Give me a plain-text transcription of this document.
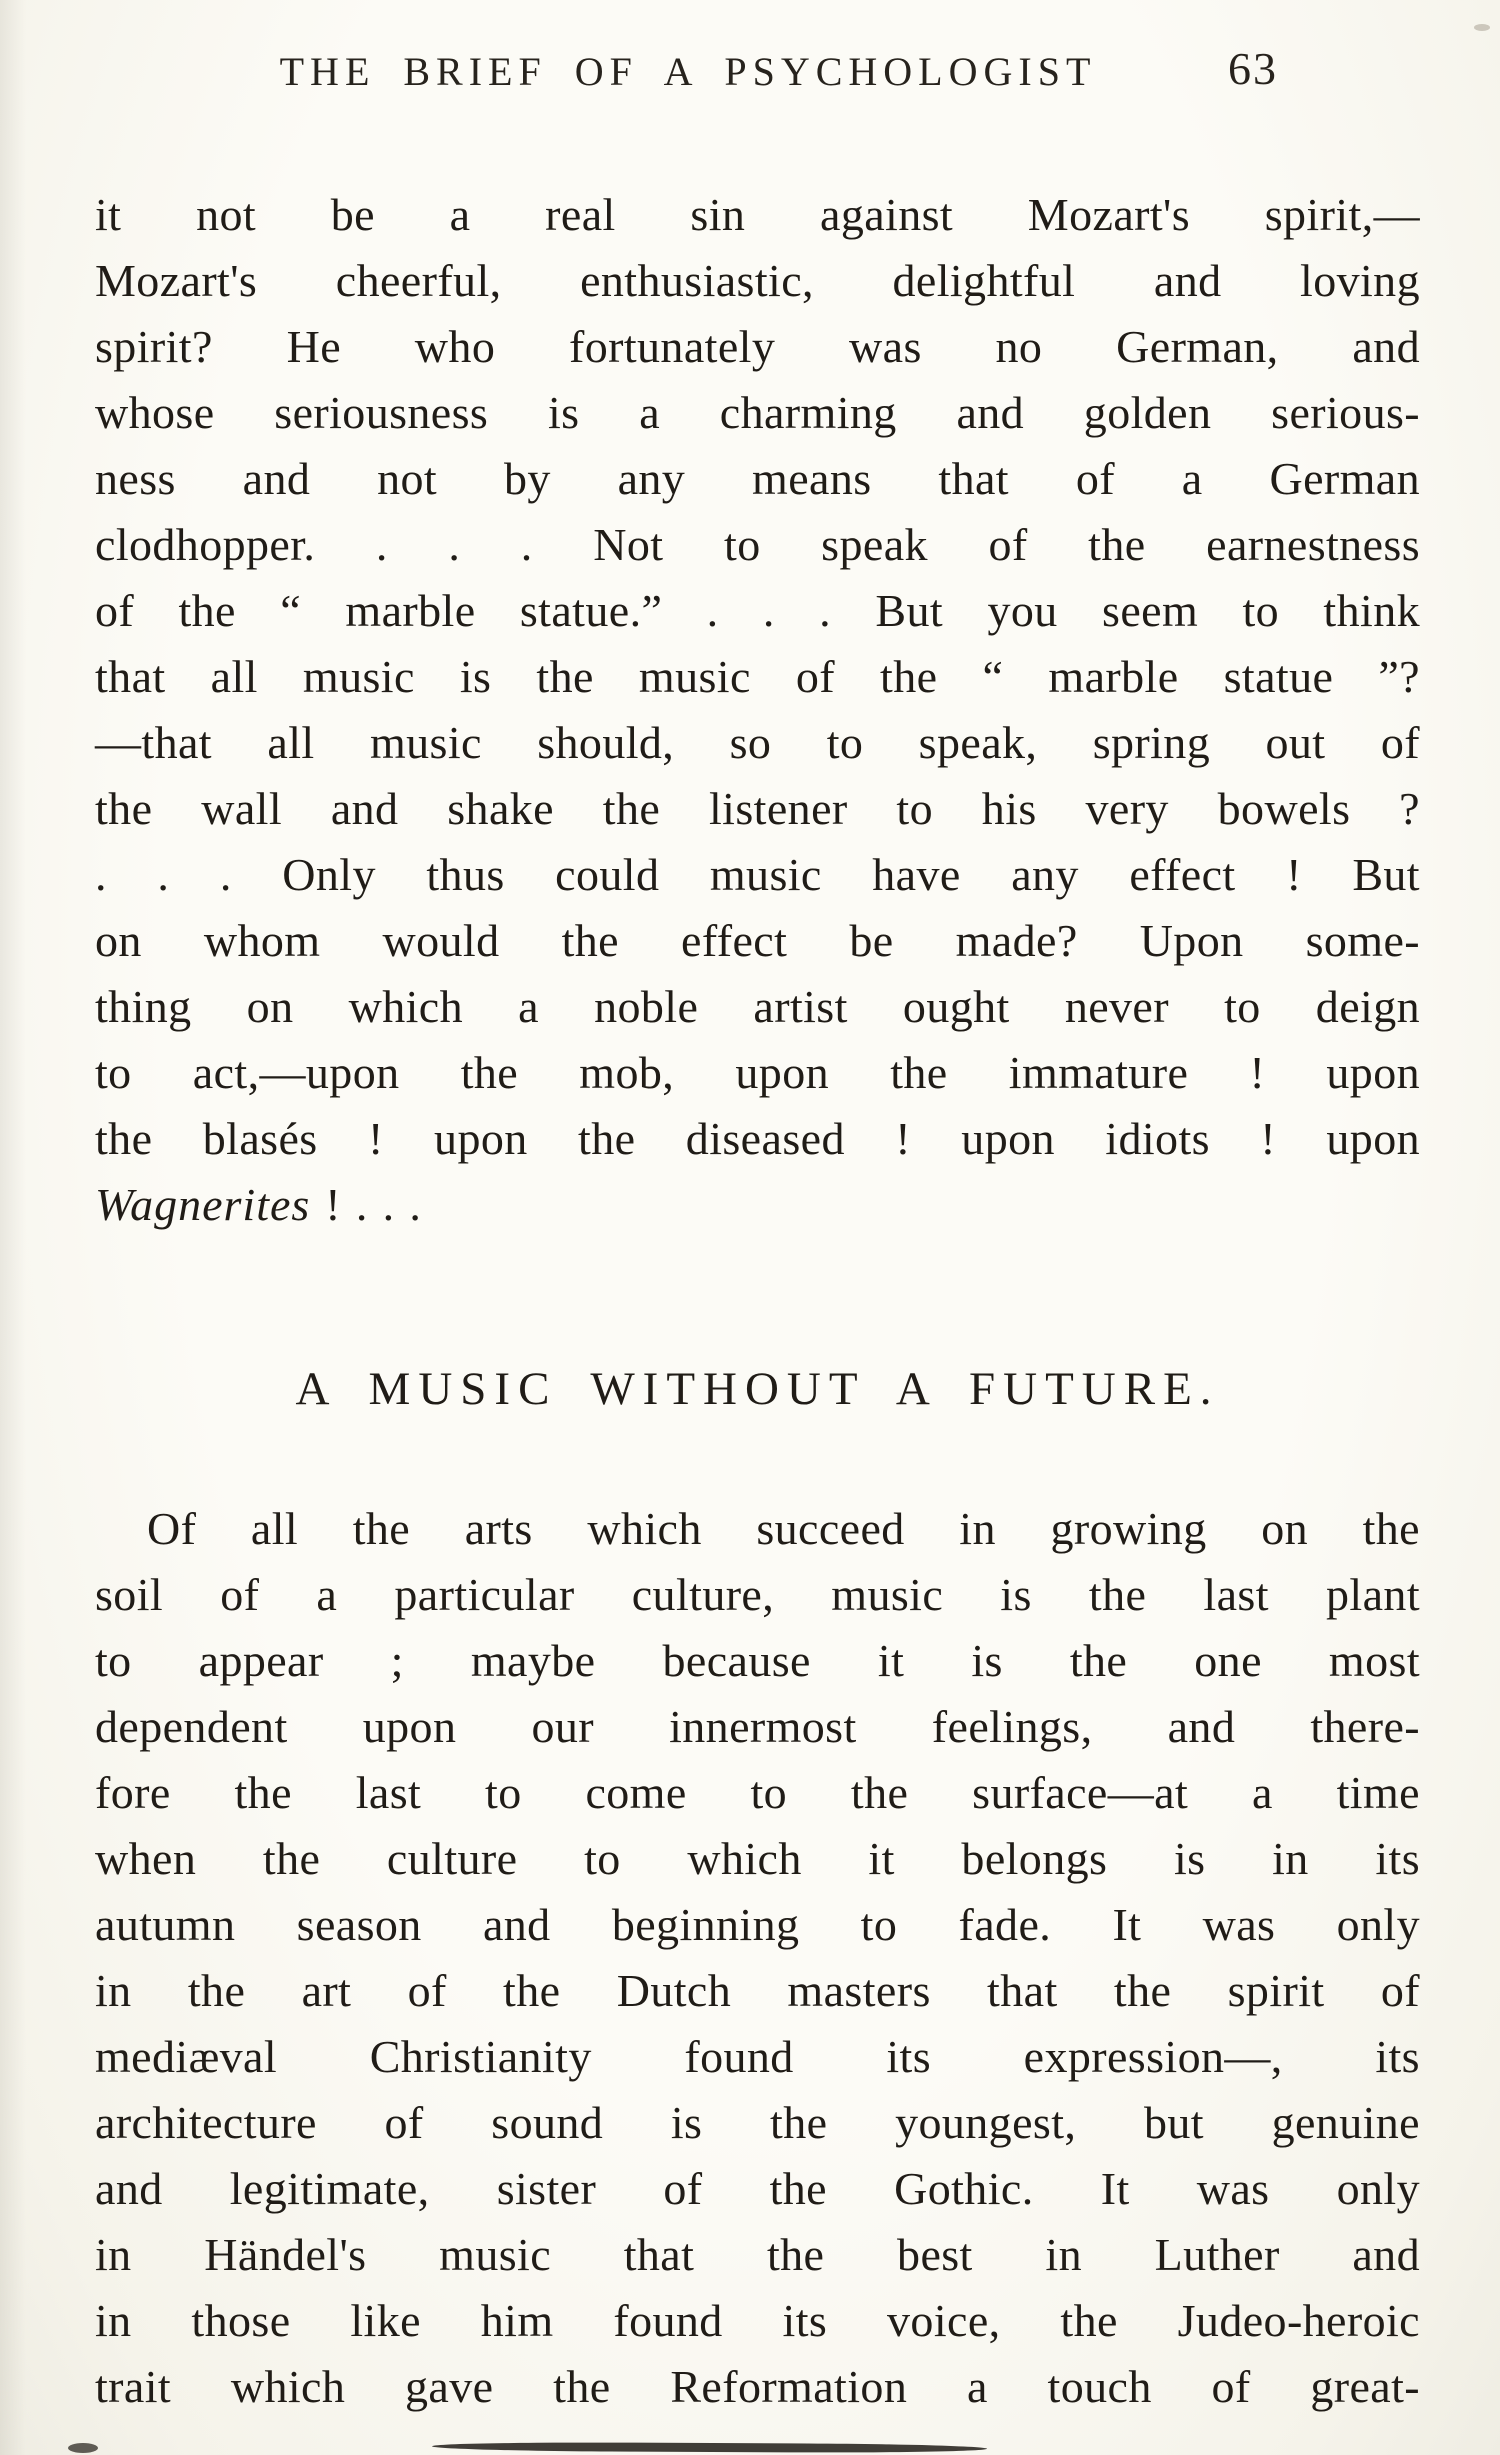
THE BRIEF OF A PSYCHOLOGIST	63

it not be a real sin against Mozart's spirit,—

Mozart's cheerful, enthusiastic, delightful and loving

spirit? He who fortunately was no German, and

whose seriousness is a charming and golden serious-

ness and not by any means that of a German

clodhopper. . . . Not to speak of the earnestness

of the “ marble statue.” . . . But you seem to think

that all music is the music of the “ marble statue ”?

—that all music should, so to speak, spring out of

the wall and shake the listener to his very bowels ?

. . . Only thus could music have any effect ! But

on whom would the effect be made? Upon some-

thing on which a noble artist ought never to deign

to act,—upon the mob, upon the immature ! upon

the blasés ! upon the diseased ! upon idiots ! upon

Wagnerites ! . . .

A MUSIC WITHOUT A FUTURE.

Of all the arts which succeed in growing on the

soil of a particular culture, music is the last plant

to appear ; maybe because it is the one most

dependent upon our innermost feelings, and there-

fore the last to come to the surface—at a time

when the culture to which it belongs is in its

autumn season and beginning to fade. It was only

in the art of the Dutch masters that the spirit of

mediæval Christianity found its expression—, its

architecture of sound is the youngest, but genuine

and legitimate, sister of the Gothic. It was only

in Händel's music that the best in Luther and

in those like him found its voice, the Judeo-heroic

trait which gave the Reformation a touch of great-
